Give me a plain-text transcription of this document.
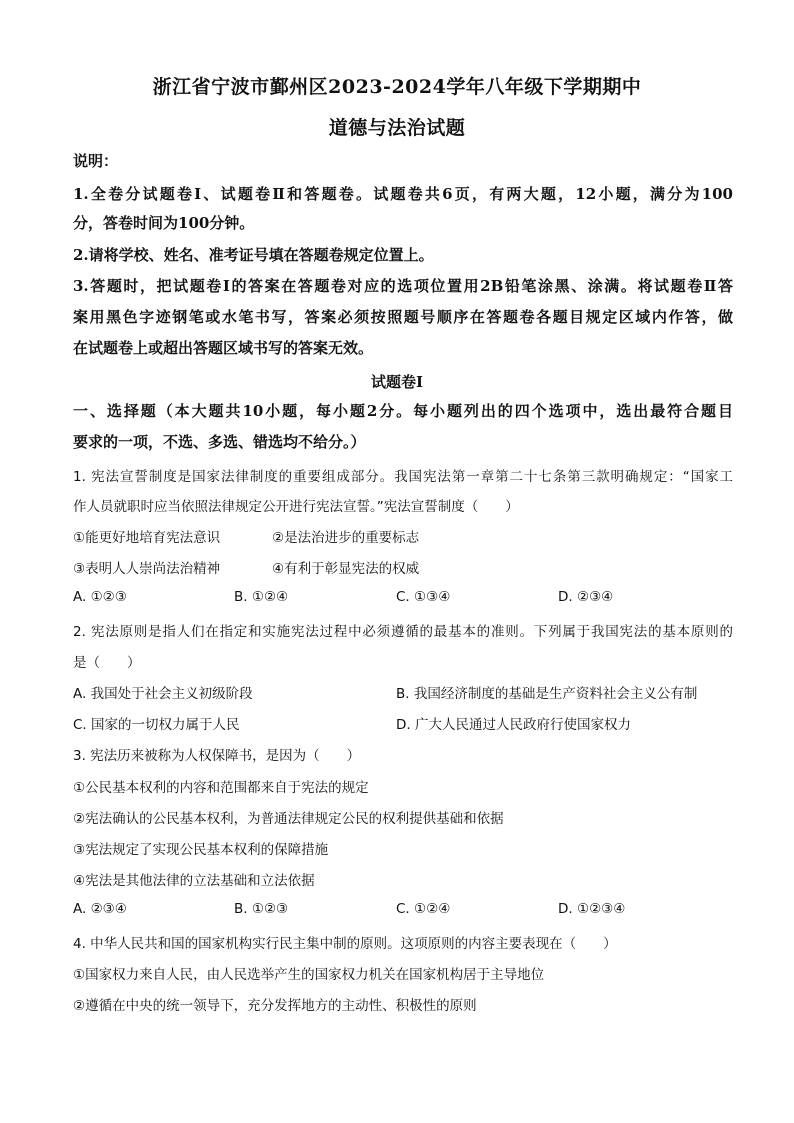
浙江省宁波市鄞州区2023-2024学年八年级下学期期中
道德与法治试题
说明：
1.全卷分试题卷Ⅰ、试题卷Ⅱ和答题卷。试题卷共6页，有两大题，12小题，满分为100
分，答卷时间为100分钟。
2.请将学校、姓名、准考证号填在答题卷规定位置上。
3.答题时，把试题卷Ⅰ的答案在答题卷对应的选项位置用2B铅笔涂黑、涂满。将试题卷Ⅱ答
案用黑色字迹钢笔或水笔书写，答案必须按照题号顺序在答题卷各题目规定区域内作答，做
在试题卷上或超出答题区域书写的答案无效。
试题卷Ⅰ
一、选择题（本大题共10小题，每小题2分。每小题列出的四个选项中，选出最符合题目
要求的一项，不选、多选、错选均不给分。）
1. 宪法宣誓制度是国家法律制度的重要组成部分。我国宪法第一章第二十七条第三款明确规定：“国家工
作人员就职时应当依照法律规定公开进行宪法宣誓。”宪法宣誓制度（　　）
①能更好地培育宪法意识	②是法治进步的重要标志
③表明人人崇尚法治精神	④有利于彰显宪法的权威
A. ①②③	B. ①②④	C. ①③④	D. ②③④
2. 宪法原则是指人们在指定和实施宪法过程中必须遵循的最基本的准则。下列属于我国宪法的基本原则的
是（　　）
A. 我国处于社会主义初级阶段	B. 我国经济制度的基础是生产资料社会主义公有制
C. 国家的一切权力属于人民	D. 广大人民通过人民政府行使国家权力
3. 宪法历来被称为人权保障书，是因为（　　）
①公民基本权利的内容和范围都来自于宪法的规定
②宪法确认的公民基本权利，为普通法律规定公民的权利提供基础和依据
③宪法规定了实现公民基本权利的保障措施
④宪法是其他法律的立法基础和立法依据
A. ②③④	B. ①②③	C. ①②④	D. ①②③④
4. 中华人民共和国的国家机构实行民主集中制的原则。这项原则的内容主要表现在（　　）
①国家权力来自人民，由人民选举产生的国家权力机关在国家机构居于主导地位
②遵循在中央的统一领导下，充分发挥地方的主动性、积极性的原则
